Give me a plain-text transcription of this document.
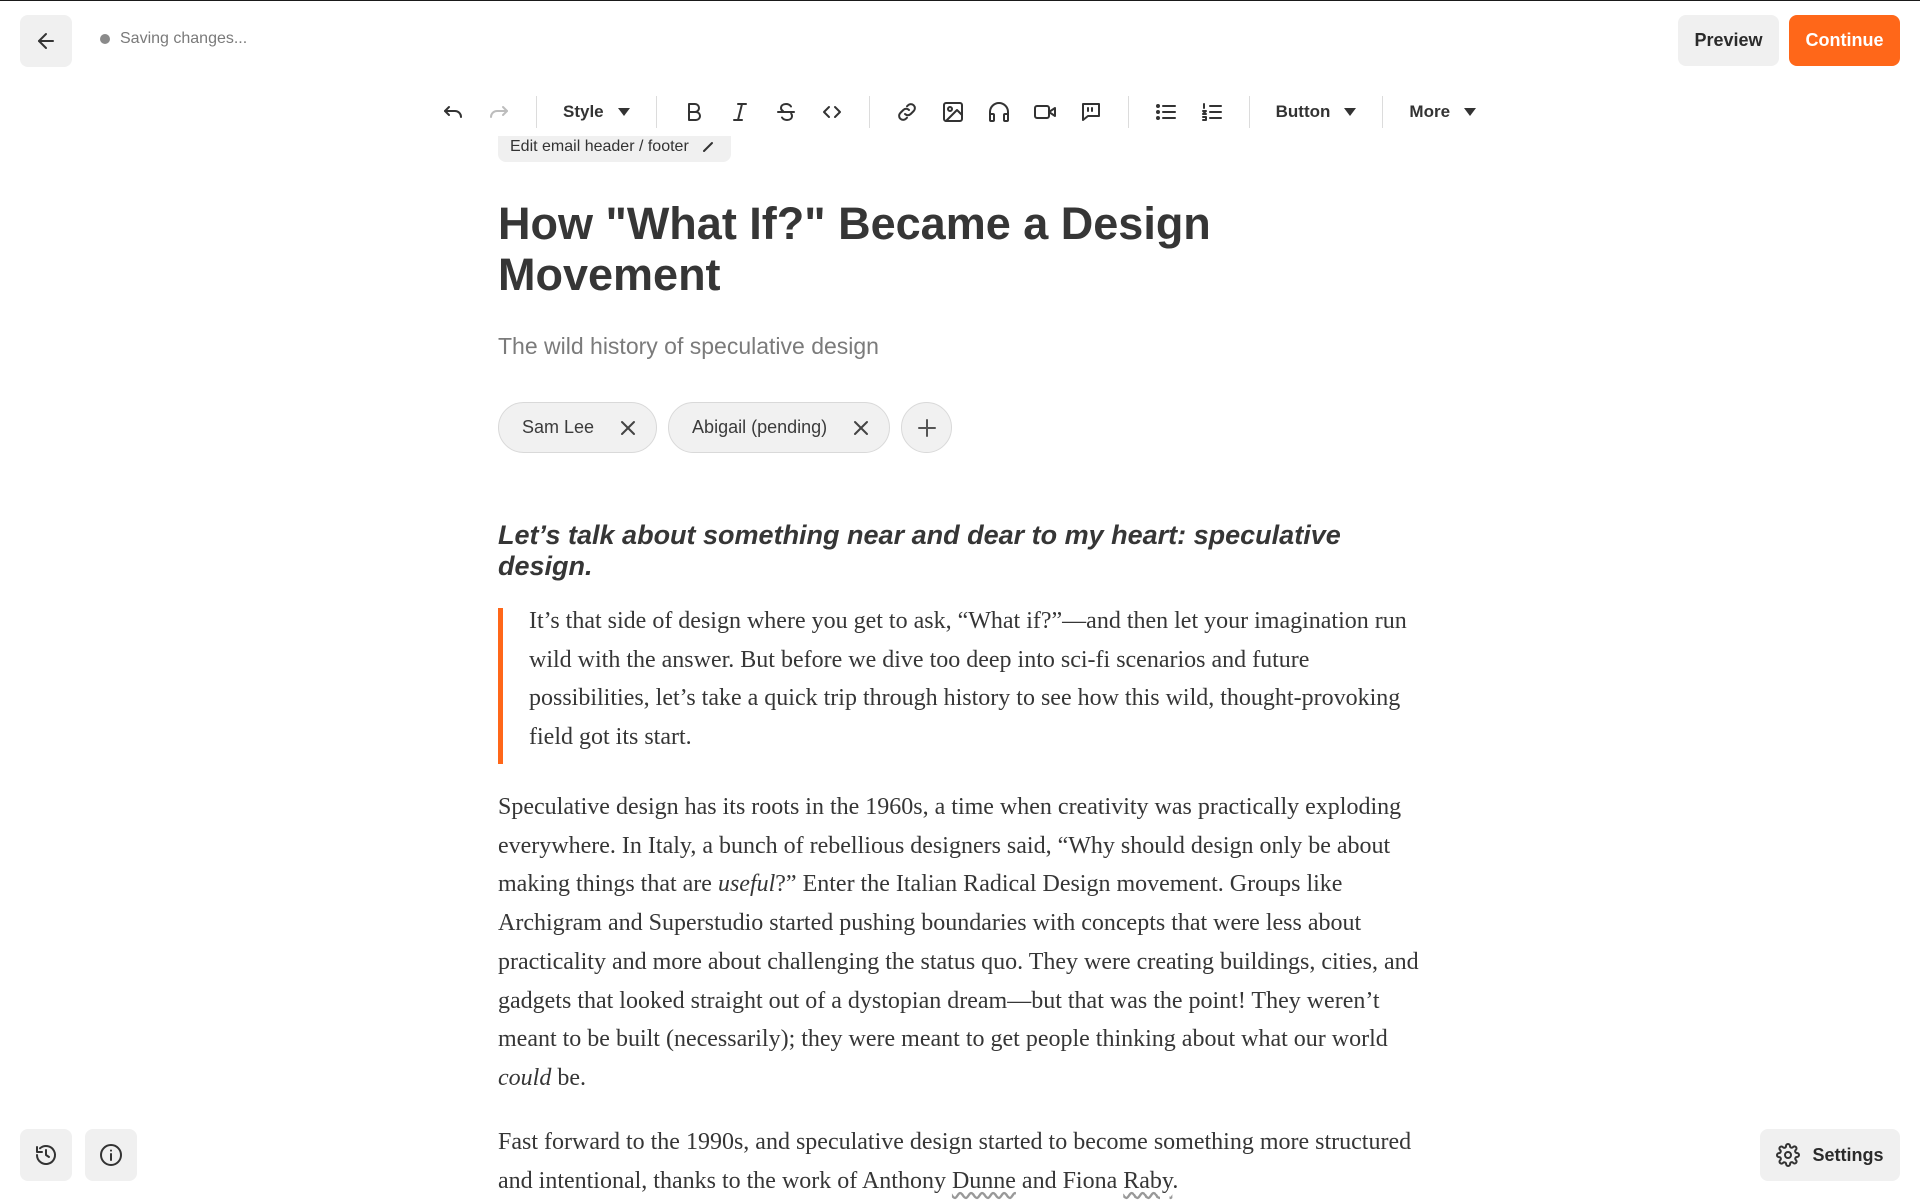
Saving changes...	Preview	Continue
Edit email header / footer
Style	Button	More
How "What If?" Became a Design Movement
The wild history of speculative design
Sam Lee	Abigail (pending)

Let’s talk about something near and dear to my heart: speculative design.

It’s that side of design where you get to ask, “What if?”—and then let your imagination run wild with the answer. But before we dive too deep into sci-fi scenarios and future possibilities, let’s take a quick trip through history to see how this wild, thought-provoking field got its start.

Speculative design has its roots in the 1960s, a time when creativity was practically exploding everywhere. In Italy, a bunch of rebellious designers said, “Why should design only be about making things that are useful?” Enter the Italian Radical Design movement. Groups like Archigram and Superstudio started pushing boundaries with concepts that were less about practicality and more about challenging the status quo. They were creating buildings, cities, and gadgets that looked straight out of a dystopian dream—but that was the point! They weren’t meant to be built (necessarily); they were meant to get people thinking about what our world could be.

Fast forward to the 1990s, and speculative design started to become something more structured and intentional, thanks to the work of Anthony Dunne and Fiona Raby.

Settings
